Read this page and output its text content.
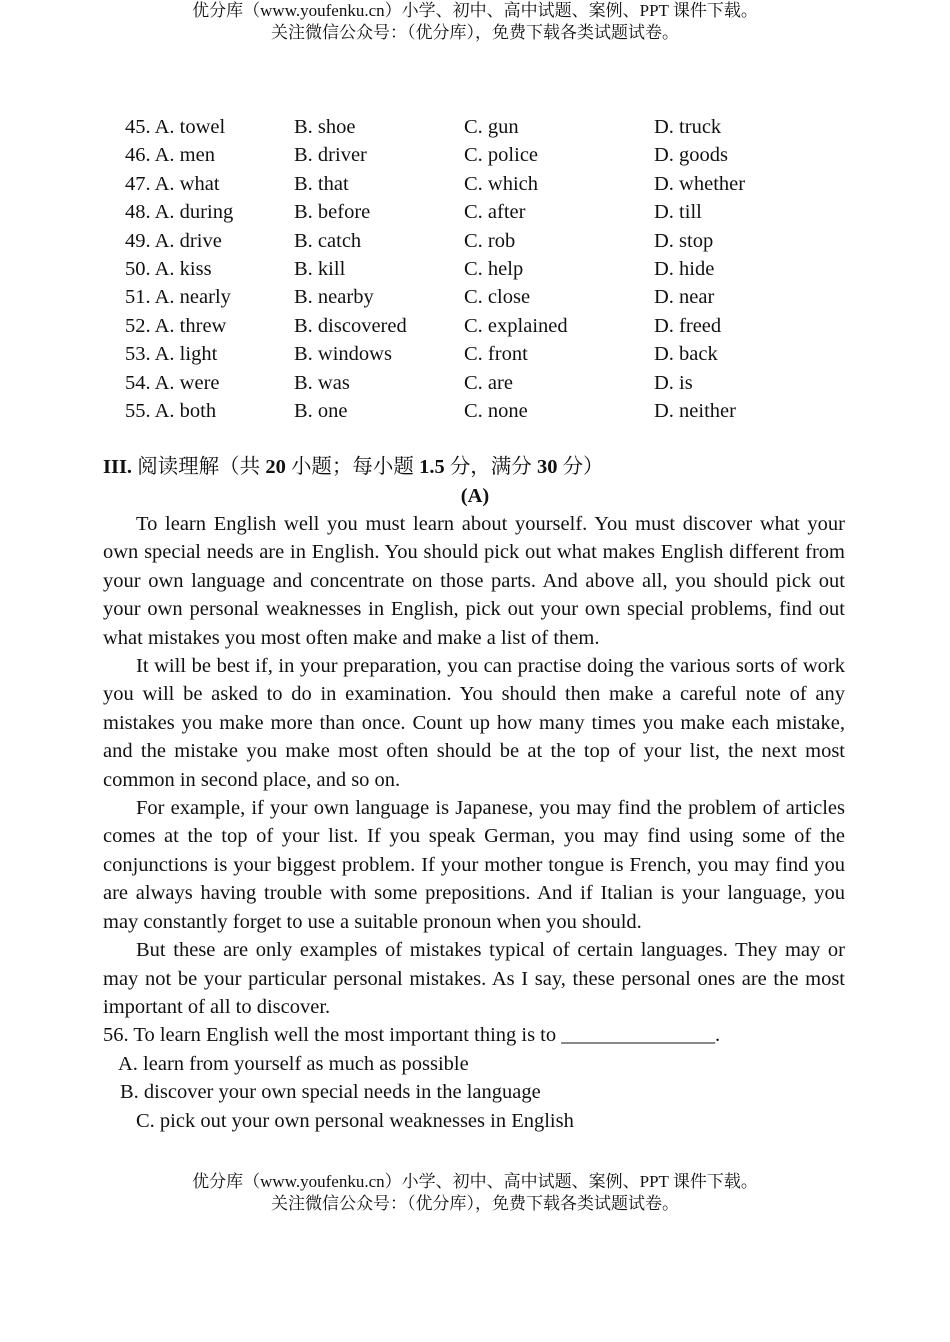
优分库（www.youfenku.cn）小学、初中、高中试题、案例、PPT 课件下载。
关注微信公众号：（优分库），免费下载各类试题试卷。
45. A. towel	B. shoe	C. gun	D. truck
46. A. men	B. driver	C. police	D. goods
47. A. what	B. that	C. which	D. whether
48. A. during	B. before	C. after	D. till
49. A. drive	B. catch	C. rob	D. stop
50. A. kiss	B. kill	C. help	D. hide
51. A. nearly	B. nearby	C. close	D. near
52. A. threw	B. discovered	C. explained	D. freed
53. A. light	B. windows	C. front	D. back
54. A. were	B. was	C. are	D. is
55. A. both	B. one	C. none	D. neither
III. 阅读理解（共 20 小题；每小题 1.5 分，满分 30 分）
(A)

To learn English well you must learn about yourself. You must discover what your own special needs are in English. You should pick out what makes English different from your own language and concentrate on those parts. And above all, you should pick out your own personal weaknesses in English, pick out your own special problems, find out what mistakes you most often make and make a list of them.

It will be best if, in your preparation, you can practise doing the various sorts of work you will be asked to do in examination. You should then make a careful note of any mistakes you make more than once. Count up how many times you make each mistake, and the mistake you make most often should be at the top of your list, the next most common in second place, and so on.

For example, if your own language is Japanese, you may find the problem of articles comes at the top of your list. If you speak German, you may find using some of the conjunctions is your biggest problem. If your mother tongue is French, you may find you are always having trouble with some prepositions. And if Italian is your language, you may constantly forget to use a suitable pronoun when you should.

But these are only examples of mistakes typical of certain languages. They may or may not be your particular personal mistakes. As I say, these personal ones are the most important of all to discover.

56. To learn English well the most important thing is to _______________.
A. learn from yourself as much as possible
B. discover your own special needs in the language
C. pick out your own personal weaknesses in English
优分库（www.youfenku.cn）小学、初中、高中试题、案例、PPT 课件下载。
关注微信公众号：（优分库），免费下载各类试题试卷。
